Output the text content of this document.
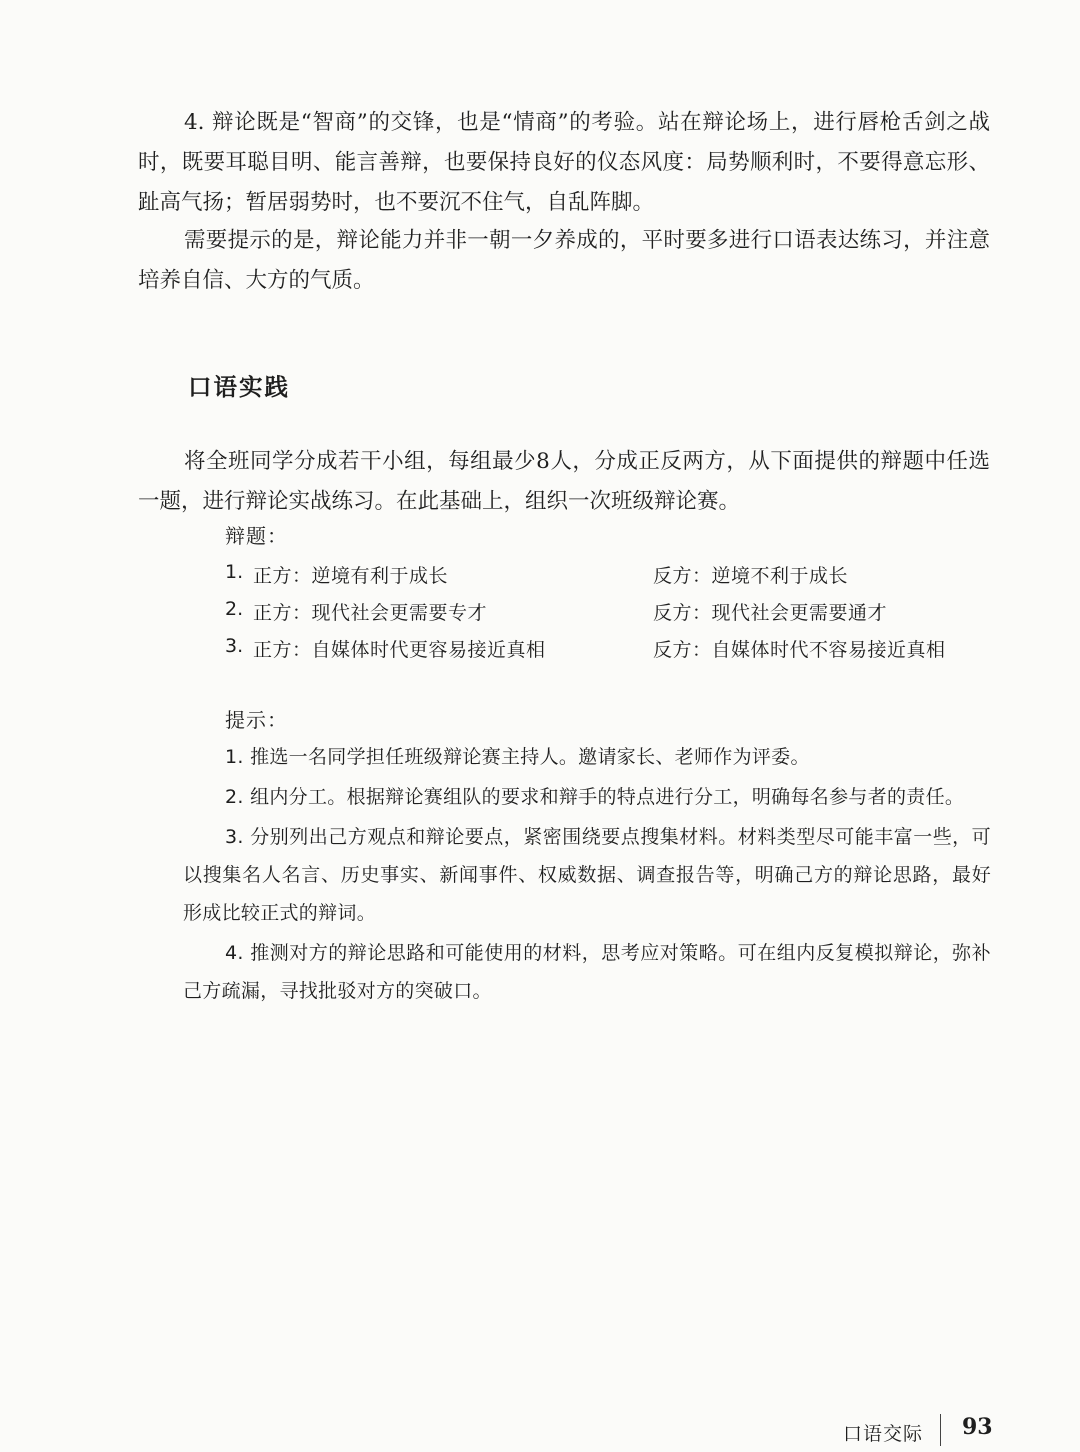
4. 辩论既是“智商”的交锋，也是“情商”的考验。站在辩论场上，进行唇枪舌剑之战时，既要耳聪目明、能言善辩，也要保持良好的仪态风度：局势顺利时，不要得意忘形、趾高气扬；暂居弱势时，也不要沉不住气，自乱阵脚。

需要提示的是，辩论能力并非一朝一夕养成的，平时要多进行口语表达练习，并注意培养自信、大方的气质。

口语实践

将全班同学分成若干小组，每组最少8人，分成正反两方，从下面提供的辩题中任选一题，进行辩论实战练习。在此基础上，组织一次班级辩论赛。

辩题：
1. 正方：逆境有利于成长	反方：逆境不利于成长
2. 正方：现代社会更需要专才	反方：现代社会更需要通才
3. 正方：自媒体时代更容易接近真相	反方：自媒体时代不容易接近真相
提示：
1. 推选一名同学担任班级辩论赛主持人。邀请家长、老师作为评委。
2. 组内分工。根据辩论赛组队的要求和辩手的特点进行分工，明确每名参与者的责任。
3. 分别列出己方观点和辩论要点，紧密围绕要点搜集材料。材料类型尽可能丰富一些，可以搜集名人名言、历史事实、新闻事件、权威数据、调查报告等，明确己方的辩论思路，最好形成比较正式的辩词。
4. 推测对方的辩论思路和可能使用的材料，思考应对策略。可在组内反复模拟辩论，弥补己方疏漏，寻找批驳对方的突破口。
口语交际 93
